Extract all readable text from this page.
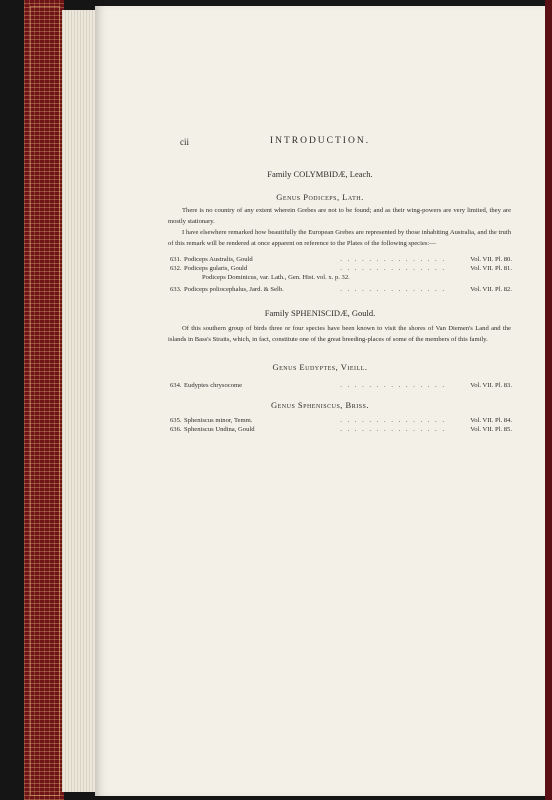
cii	INTRODUCTION.
Family COLYMBIDÆ, Leach.
Genus Podiceps, Lath.
There is no country of any extent wherein Grebes are not to be found; and as their wing-powers are very limited, they are mostly stationary.
I have elsewhere remarked how beautifully the European Grebes are represented by those inhabiting Australia, and the truth of this remark will be rendered at once apparent on reference to the Plates of the following species:—
631. Podiceps Australis, Gould	. . . . . . . . . . . . . . .	Vol. VII. Pl. 80.
632. Podiceps gularis, Gould	. . . . . . . . . . . . . . .	Vol. VII. Pl. 81.
Podiceps Dominicus, var. Lath., Gen. Hist. vol. x. p. 32.
633. Podiceps poliocephalus, Jard. & Selb.	. . . . . . . . . . . . . . .	Vol. VII. Pl. 82.
Family SPHENISCIDÆ, Gould.
Of this southern group of birds three or four species have been known to visit the shores of Van Diemen's Land and the islands in Bass's Straits, which, in fact, constitute one of the great breeding-places of some of the members of this family.
Genus Eudyptes, Vieill.
634. Eudyptes chrysocome	. . . . . . . . . . . . . . .	Vol. VII. Pl. 83.
Genus Spheniscus, Briss.
635. Spheniscus minor, Temm.	. . . . . . . . . . . . . . .	Vol. VII. Pl. 84.
636. Spheniscus Undina, Gould	. . . . . . . . . . . . . . .	Vol. VII. Pl. 85.
